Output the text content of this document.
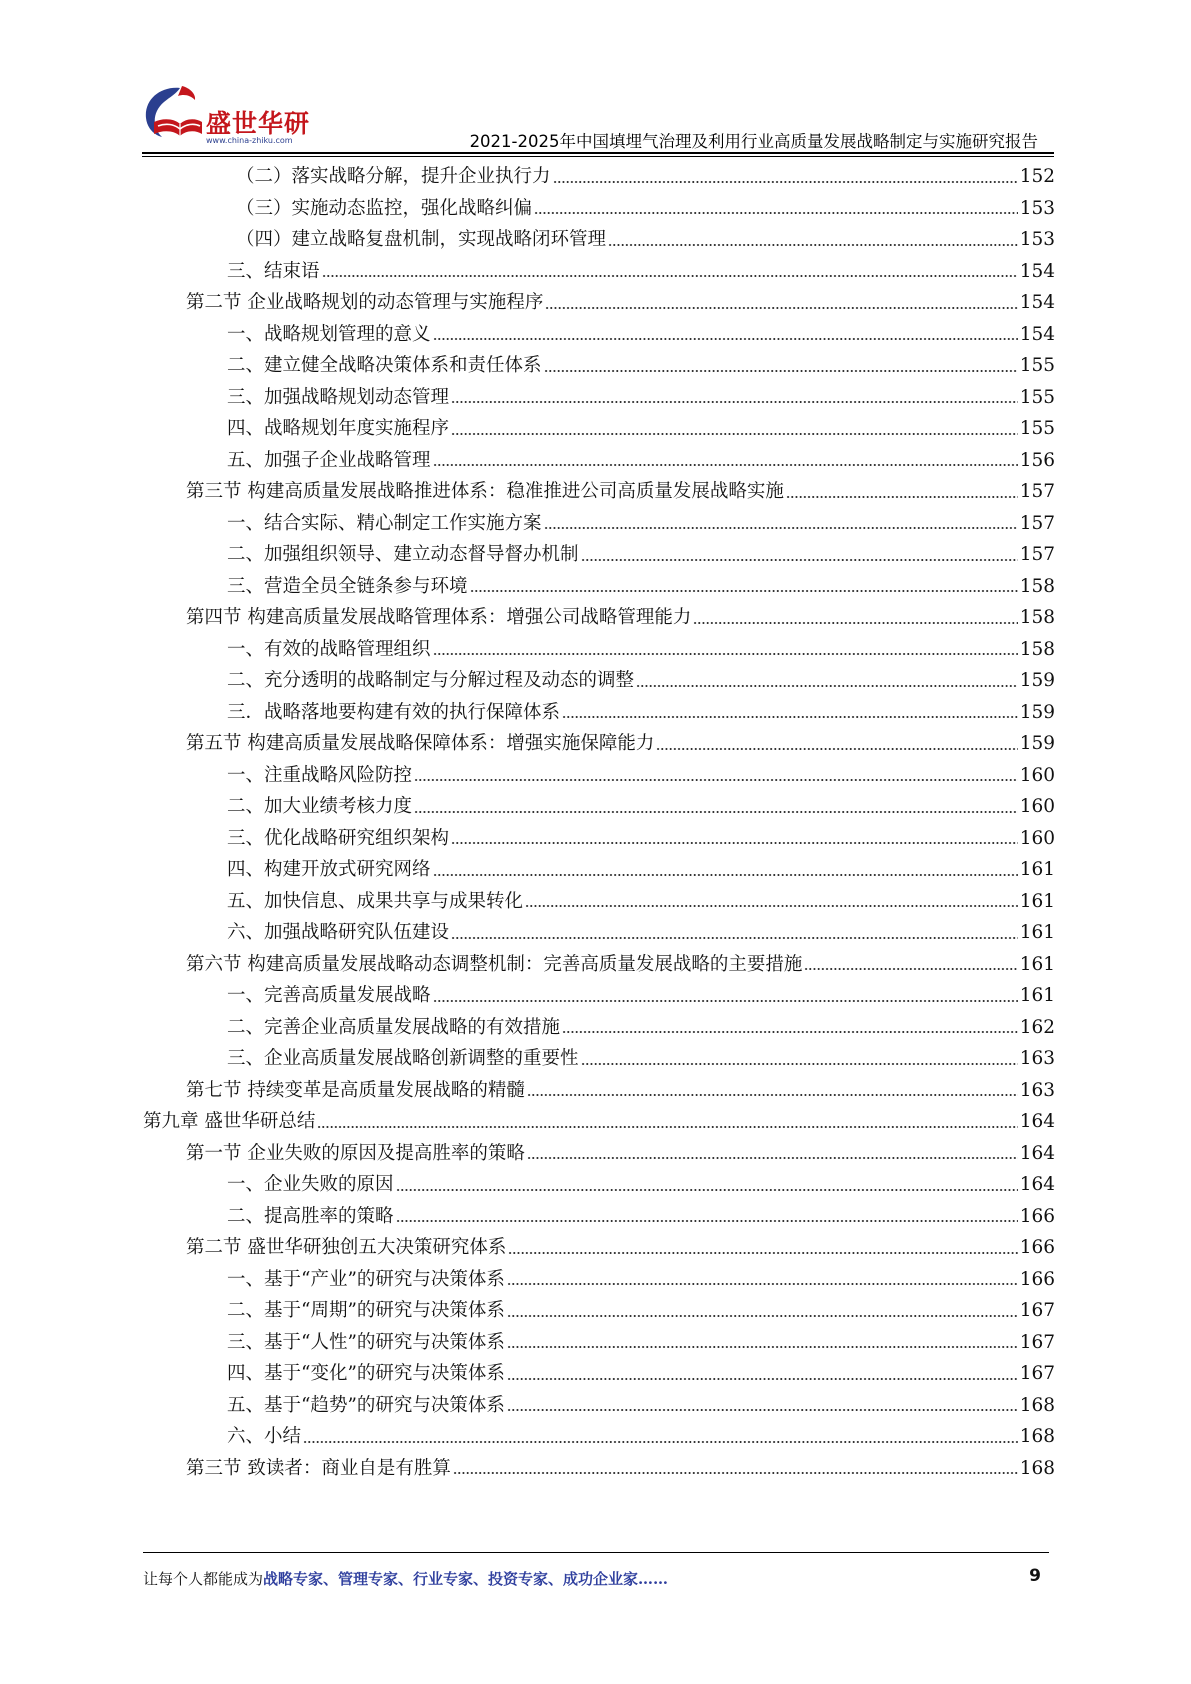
盛世华研
www.china-zhiku.com	2021-2025年中国填埋气治理及利用行业高质量发展战略制定与实施研究报告
（二）落实战略分解，提升企业执行力	152
（三）实施动态监控，强化战略纠偏	153
（四）建立战略复盘机制，实现战略闭环管理	153
三、结束语	154
第二节 企业战略规划的动态管理与实施程序	154
一、战略规划管理的意义	154
二、建立健全战略决策体系和责任体系	155
三、加强战略规划动态管理	155
四、战略规划年度实施程序	155
五、加强子企业战略管理	156
第三节 构建高质量发展战略推进体系：稳准推进公司高质量发展战略实施	157
一、结合实际、精心制定工作实施方案	157
二、加强组织领导、建立动态督导督办机制	157
三、营造全员全链条参与环境	158
第四节 构建高质量发展战略管理体系：增强公司战略管理能力	158
一、有效的战略管理组织	158
二、充分透明的战略制定与分解过程及动态的调整	159
三．战略落地要构建有效的执行保障体系	159
第五节 构建高质量发展战略保障体系：增强实施保障能力	159
一、注重战略风险防控	160
二、加大业绩考核力度	160
三、优化战略研究组织架构	160
四、构建开放式研究网络	161
五、加快信息、成果共享与成果转化	161
六、加强战略研究队伍建设	161
第六节 构建高质量发展战略动态调整机制：完善高质量发展战略的主要措施	161
一、完善高质量发展战略	161
二、完善企业高质量发展战略的有效措施	162
三、企业高质量发展战略创新调整的重要性	163
第七节 持续变革是高质量发展战略的精髓	163
第九章 盛世华研总结	164
第一节 企业失败的原因及提高胜率的策略	164
一、企业失败的原因	164
二、提高胜率的策略	166
第二节 盛世华研独创五大决策研究体系	166
一、基于“产业”的研究与决策体系	166
二、基于“周期”的研究与决策体系	167
三、基于“人性”的研究与决策体系	167
四、基于“变化”的研究与决策体系	167
五、基于“趋势”的研究与决策体系	168
六、小结	168
第三节 致读者：商业自是有胜算	168
让每个人都能成为战略专家、管理专家、行业专家、投资专家、成功企业家……	9
